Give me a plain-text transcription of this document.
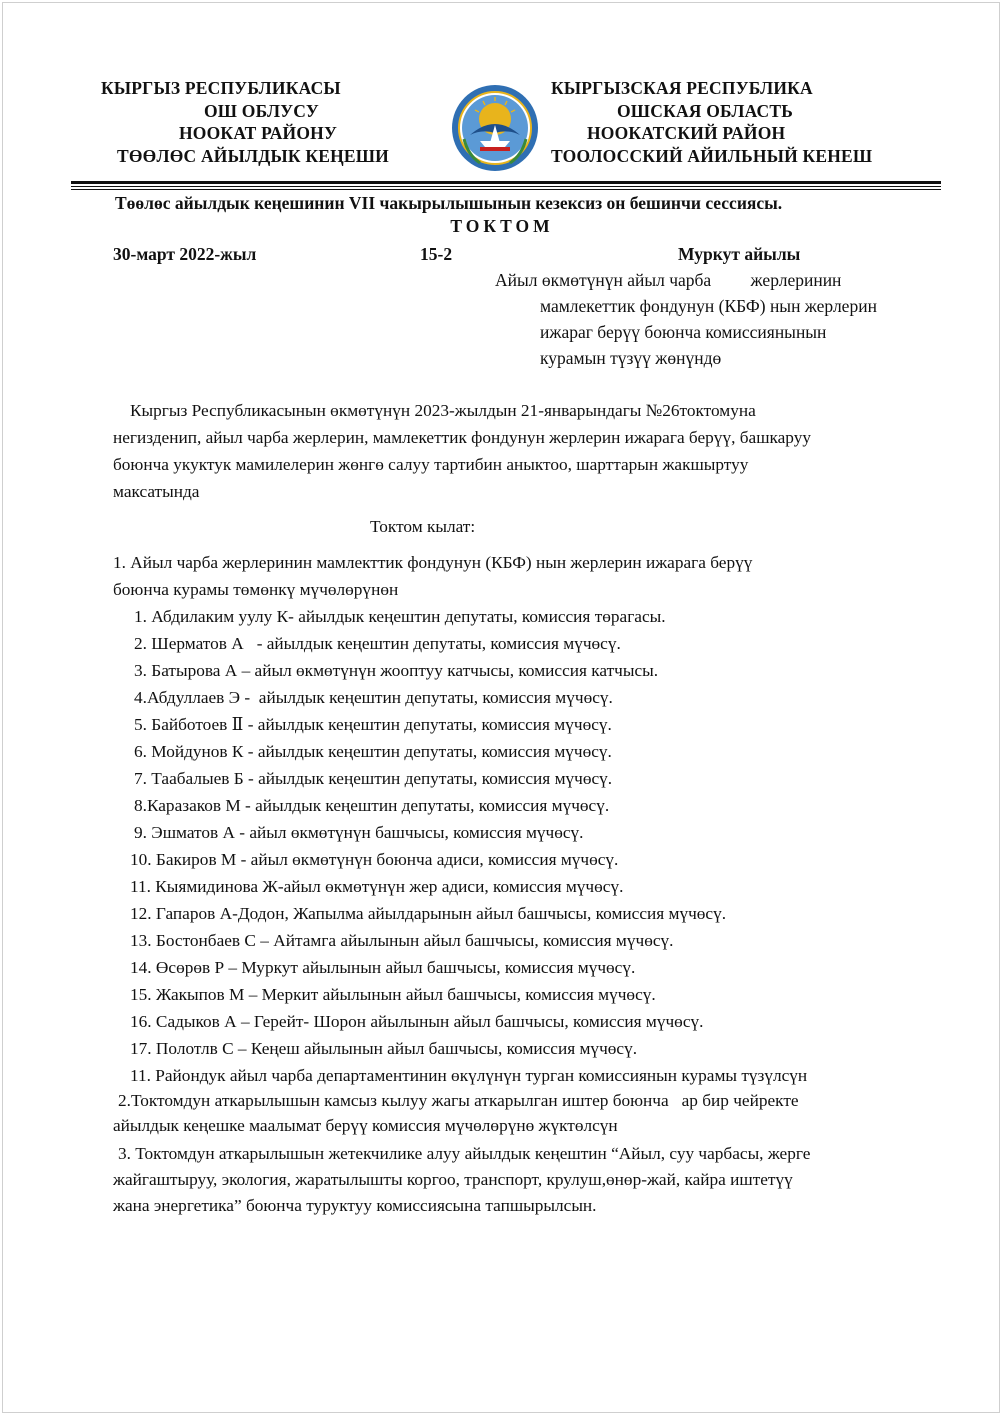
КЫРГЫЗ РЕСПУБЛИКАСЫ
ОШ ОБЛУСУ
НООКАТ РАЙОНУ
ТӨӨЛӨС АЙЫЛДЫК КЕҢЕШИ
КЫРГЫЗСКАЯ РЕСПУБЛИКА
ОШСКАЯ ОБЛАСТЬ
НООКАТСКИЙ РАЙОН
ТООЛОССКИЙ АЙИЛЬНЫЙ КЕНЕШ
Төөлөс айылдык кеңешинин VII чакырылышынын кезексиз он бешинчи сессиясы.
ТОКТОМ
30-март 2022-жыл	15-2	Муркут айылы
Айыл өкмөтүнүн айыл чарба         жерлеринин
мамлекеттик фондунун (КБФ) нын жерлерин
ижараг берүү боюнча комиссиянынын
курамын түзүү жөнүндө
Кыргыз Республикасынын өкмөтүнүн 2023-жылдын 21-январындагы №26токтомуна
негизденип, айыл чарба жерлерин, мамлекеттик фондунун жерлерин ижарага берүү, башкаруу
боюнча укуктук мамилелерин жөнгө салуу тартибин аныктоо, шарттарын жакшыртуу
максатында
Токтом кылат:
1. Айыл чарба жерлеринин мамлекттик фондунун (КБФ) нын жерлерин ижарага берүү
боюнча курамы төмөнкү мүчөлөрүнөн
1. Абдилаким уулу К- айылдык кеңештин депутаты, комиссия төрагасы.
2. Шерматов А   - айылдык кеңештин депутаты, комиссия мүчөсү.
3. Батырова А – айыл өкмөтүнүн жооптуу катчысы, комиссия катчысы.
4.Абдуллаев Э -  айылдык кеңештин депутаты, комиссия мүчөсү.
5. Байботоев Ⅱ - айылдык кеңештин депутаты, комиссия мүчөсү.
6. Мойдунов К - айылдык кеңештин депутаты, комиссия мүчөсү.
7. Таабалыев Б - айылдык кеңештин депутаты, комиссия мүчөсү.
8.Каразаков М - айылдык кеңештин депутаты, комиссия мүчөсү.
9. Эшматов А - айыл өкмөтүнүн башчысы, комиссия мүчөсү.
10. Бакиров М - айыл өкмөтүнүн боюнча адиси, комиссия мүчөсү.
11. Кыямидинова Ж-айыл өкмөтүнүн жер адиси, комиссия мүчөсү.
12. Гапаров А-Додон, Жапылма айылдарынын айыл башчысы, комиссия мүчөсү.
13. Бостонбаев С – Айтамга айылынын айыл башчысы, комиссия мүчөсү.
14. Өсөрөв Р – Муркут айылынын айыл башчысы, комиссия мүчөсү.
15. Жакыпов М – Меркит айылынын айыл башчысы, комиссия мүчөсү.
16. Садыков А – Герейт- Шорон айылынын айыл башчысы, комиссия мүчөсү.
17. Полотлв С – Кеңеш айылынын айыл башчысы, комиссия мүчөсү.
11. Райондук айыл чарба департаментинин өкүлүнүн турган комиссиянын курамы түзүлсүн
2.Токтомдун аткарылышын камсыз кылуу жагы аткарылган иштер боюнча   ар бир чейректе
айылдык кеңешке маалымат берүү комиссия мүчөлөрүнө жүктөлсүн
3. Токтомдун аткарылышын жетекчилике алуу айылдык кеңештин “Айыл, суу чарбасы, жерге
жайгаштыруу, экология, жаратылышты коргоо, транспорт, крулуш,өнөр-жай, кайра иштетүү
жана энергетика” боюнча туруктуу комиссиясына тапшырылсын.
